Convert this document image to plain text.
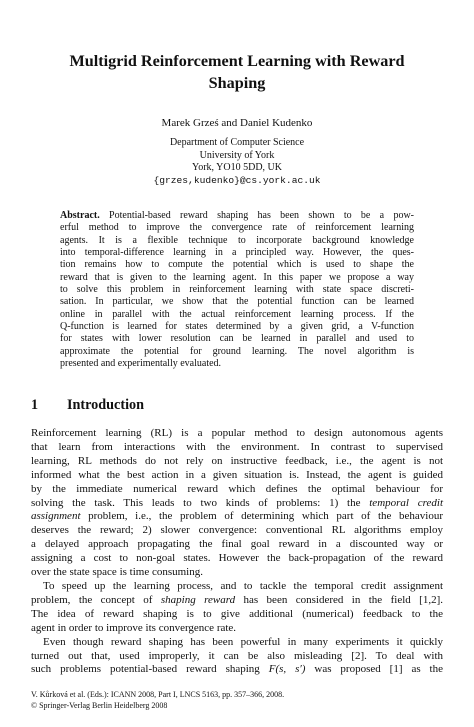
Multigrid Reinforcement Learning with Reward
Shaping
Marek Grześ and Daniel Kudenko
Department of Computer Science
University of York
York, YO10 5DD, UK
{grzes,kudenko}@cs.york.ac.uk
Abstract. Potential-based reward shaping has been shown to be a pow-
erful method to improve the convergence rate of reinforcement learning
agents. It is a flexible technique to incorporate background knowledge
into temporal-difference learning in a principled way. However, the ques-
tion remains how to compute the potential which is used to shape the
reward that is given to the learning agent. In this paper we propose a way
to solve this problem in reinforcement learning with state space discreti-
sation. In particular, we show that the potential function can be learned
online in parallel with the actual reinforcement learning process. If the
Q-function is learned for states determined by a given grid, a V-function
for states with lower resolution can be learned in parallel and used to
approximate the potential for ground learning. The novel algorithm is
presented and experimentally evaluated.
1 Introduction
Reinforcement learning (RL) is a popular method to design autonomous agents
that learn from interactions with the environment. In contrast to supervised
learning, RL methods do not rely on instructive feedback, i.e., the agent is not
informed what the best action in a given situation is. Instead, the agent is guided
by the immediate numerical reward which defines the optimal behaviour for
solving the task. This leads to two kinds of problems: 1) the temporal credit
assignment problem, i.e., the problem of determining which part of the behaviour
deserves the reward; 2) slower convergence: conventional RL algorithms employ
a delayed approach propagating the final goal reward in a discounted way or
assigning a cost to non-goal states. However the back-propagation of the reward
over the state space is time consuming.
To speed up the learning process, and to tackle the temporal credit assignment
problem, the concept of shaping reward has been considered in the field [1,2].
The idea of reward shaping is to give additional (numerical) feedback to the
agent in order to improve its convergence rate.
Even though reward shaping has been powerful in many experiments it quickly
turned out that, used improperly, it can be also misleading [2]. To deal with
such problems potential-based reward shaping F(s, s′) was proposed [1] as the
V. Kůrková et al. (Eds.): ICANN 2008, Part I, LNCS 5163, pp. 357–366, 2008.
© Springer-Verlag Berlin Heidelberg 2008
